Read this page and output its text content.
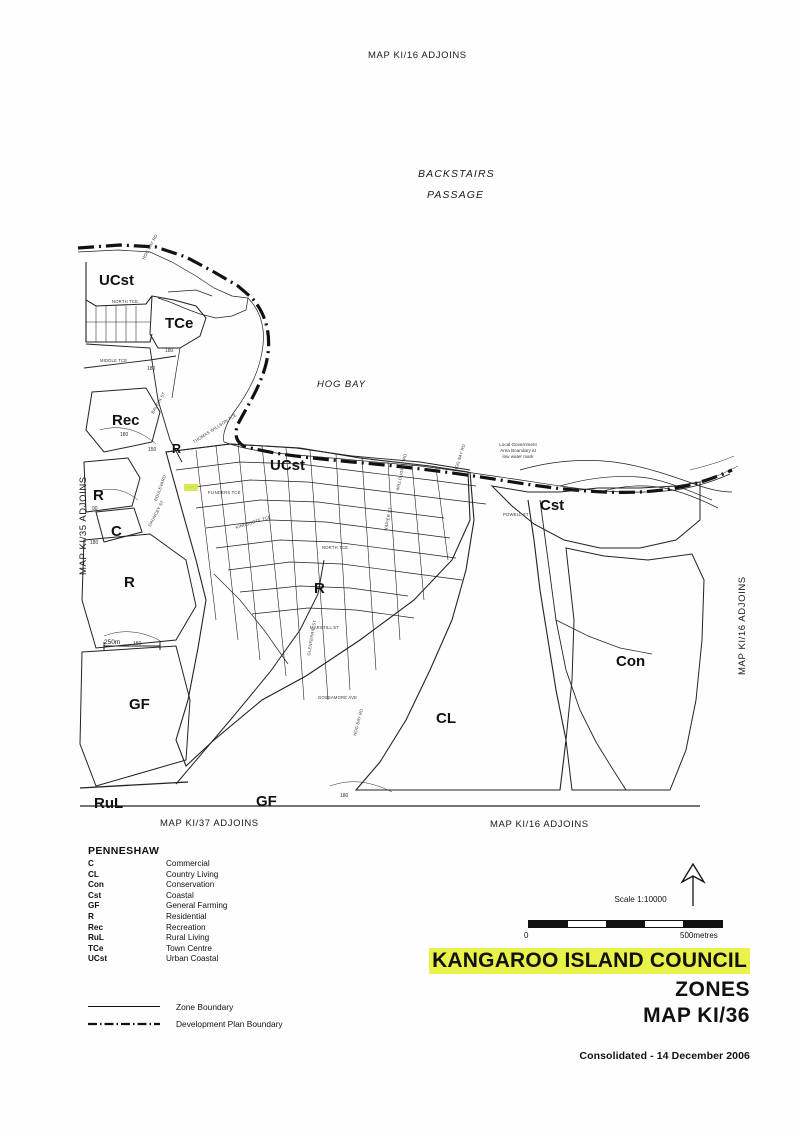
MAP KI/16 ADJOINS
MAP KI/37 ADJOINS	MAP KI/16 ADJOINS
MAP KI/35 ADJOINS
MAP KI/16 ADJOINS
BACKSTAIRS
PASSAGE
HOG BAY
Local Government
Area Boundary at
low water mark
250m
UCst
TCe
Rec
R
UCst
R
C
Cst
R	R
Con
GF
CL
RuL	GF
HOG BAY RD
NORTH TCE
MIDDLE TCE
THOMAS WILLSON TCE
BAUDIN ST
FLINDERS TCE
KINGSCOTE TCE
NORTH TCE
NAPIER ST
WILLOUGHBY RD
POWELL ST
MARSTILL ST
GLENFERRIE ST
GOSSAMORE AVE
HOG BAY RD
BOULEVARD
DAUNCEY ST
HOG BAY RD
180
180
180
150
180
150
180
90
PENNESHAW
C	Commercial
CL	Country Living
Con	Conservation
Cst	Coastal
GF	General Farming
R	Residential
Rec	Recreation
RuL	Rural Living
TCe	Town Centre
UCst	Urban Coastal
Zone Boundary
Development Plan Boundary
Scale 1:10000
0	500metres
KANGAROO ISLAND COUNCIL
ZONES
MAP KI/36
Consolidated - 14 December 2006
